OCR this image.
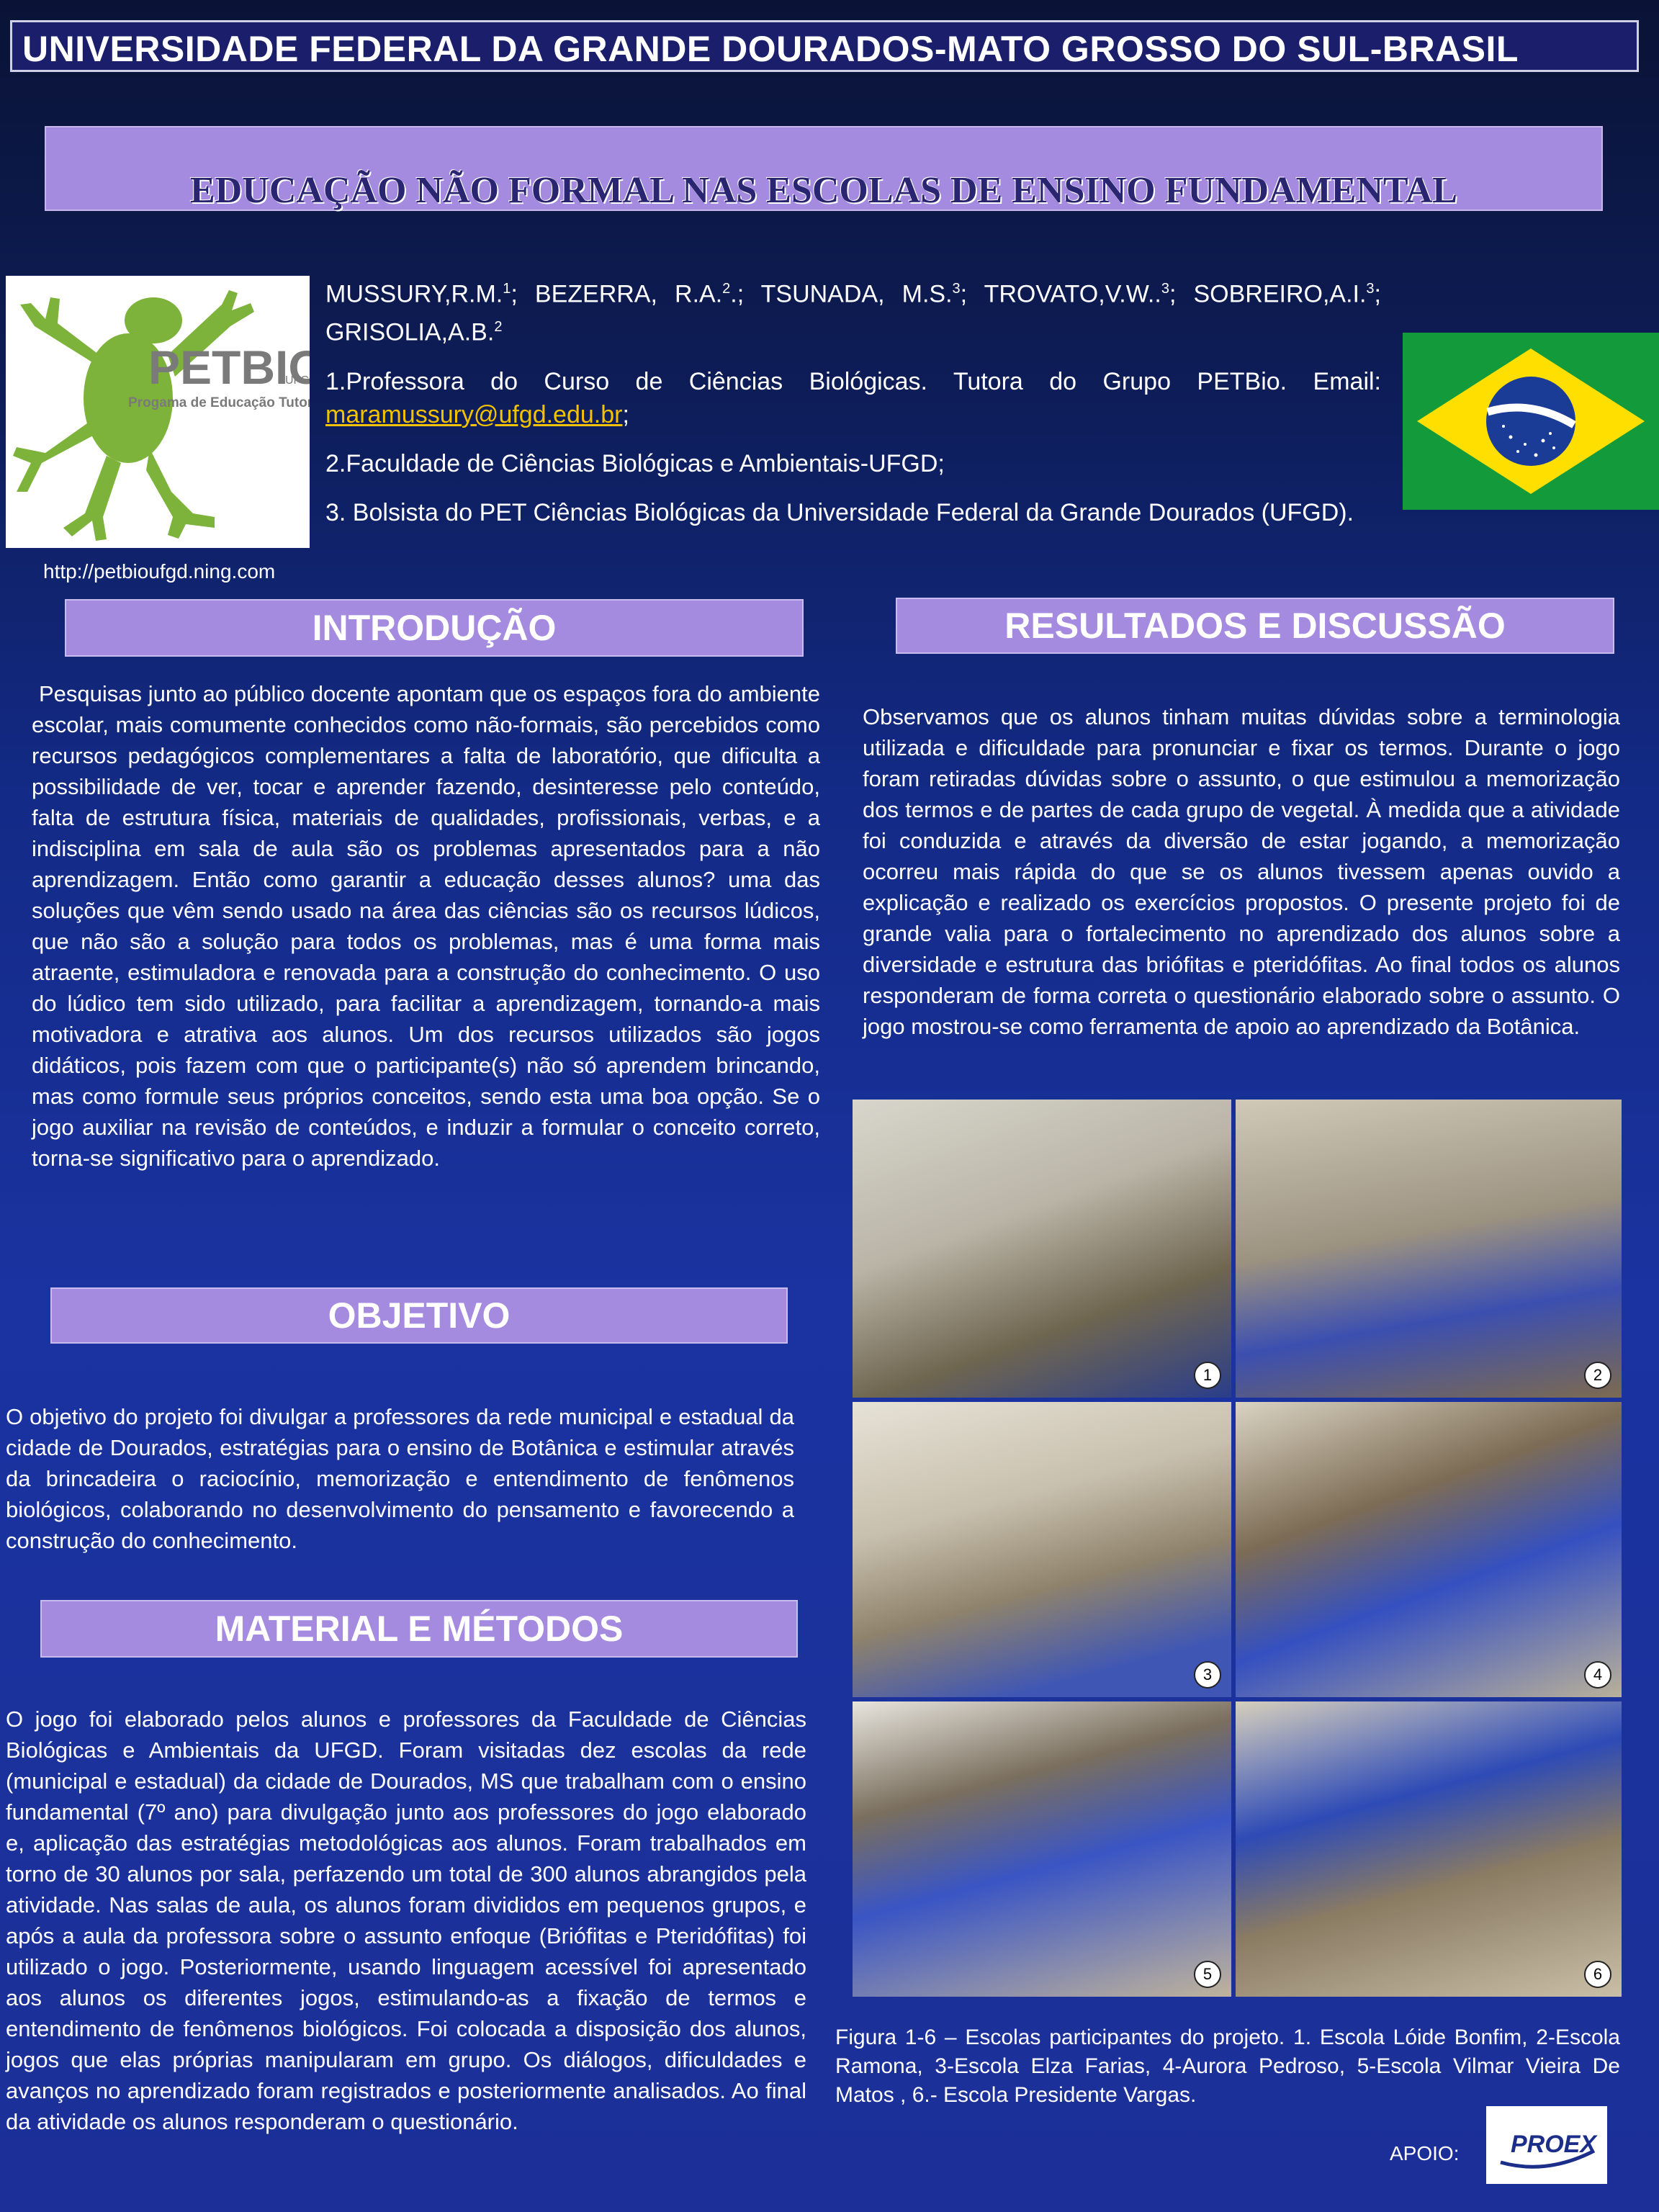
UNIVERSIDADE FEDERAL DA GRANDE DOURADOS-MATO GROSSO DO SUL-BRASIL
EDUCAÇÃO NÃO FORMAL NAS ESCOLAS DE ENSINO FUNDAMENTAL
PETBIO
UFG
Progama de Educação Tuto
http://petbioufgd.ning.com

MUSSURY,R.M.$^1$; BEZERRA, R.A.$^2$.; TSUNADA, M.S.$^3$; TROVATO,V.W..$^3$; SOBREIRO,A.I.$^3$; GRISOLIA,A.B.$^2$

1.Professora do Curso de Ciências Biológicas. Tutora do Grupo PETBio. Email: maramussury@ufgd.edu.br;

2.Faculdade de Ciências Biológicas e Ambientais-UFGD;

3. Bolsista do PET Ciências Biológicas da Universidade Federal da Grande Dourados (UFGD).

INTRODUÇÃO
Pesquisas junto ao público docente apontam que os espaços fora do ambiente escolar, mais comumente conhecidos como não-formais, são percebidos como recursos pedagógicos complementares a falta de laboratório, que dificulta a possibilidade de ver, tocar e aprender fazendo, desinteresse pelo conteúdo, falta de estrutura física, materiais de qualidades, profissionais, verbas, e a indisciplina em sala de aula são os problemas apresentados para a não aprendizagem. Então como garantir a educação desses alunos? uma das soluções que vêm sendo usado na área das ciências são os recursos lúdicos, que não são a solução para todos os problemas, mas é uma forma mais atraente, estimuladora e renovada para a construção do conhecimento. O uso do lúdico tem sido utilizado, para facilitar a aprendizagem, tornando-a mais motivadora e atrativa aos alunos. Um dos recursos utilizados são jogos didáticos, pois fazem com que o participante(s) não só aprendem brincando, mas como formule seus próprios conceitos, sendo esta uma boa opção. Se o jogo auxiliar na revisão de conteúdos, e induzir a formular o conceito correto, torna-se significativo para o aprendizado.
RESULTADOS E DISCUSSÃO
Observamos que os alunos tinham muitas dúvidas sobre a terminologia utilizada e dificuldade para pronunciar e fixar os termos. Durante o jogo foram retiradas dúvidas sobre o assunto, o que estimulou a memorização dos termos e de partes de cada grupo de vegetal. À medida que a atividade foi conduzida e através da diversão de estar jogando, a memorização ocorreu mais rápida do que se os alunos tivessem apenas ouvido a explicação e realizado os exercícios propostos. O presente projeto foi de grande valia para o fortalecimento no aprendizado dos alunos sobre a diversidade e estrutura das briófitas e pteridófitas. Ao final todos os alunos responderam de forma correta o questionário elaborado sobre o assunto. O jogo mostrou-se como ferramenta de apoio ao aprendizado da Botânica.
OBJETIVO
O objetivo do projeto foi divulgar a professores da rede municipal e estadual da cidade de Dourados, estratégias para o ensino de Botânica e estimular através da brincadeira o raciocínio, memorização e entendimento de fenômenos biológicos, colaborando no desenvolvimento do pensamento e favorecendo a construção do conhecimento.
MATERIAL E MÉTODOS
O jogo foi elaborado pelos alunos e professores da Faculdade de Ciências Biológicas e Ambientais da UFGD. Foram visitadas dez escolas da rede (municipal e estadual) da cidade de Dourados, MS que trabalham com o ensino fundamental (7º ano) para divulgação junto aos professores do jogo elaborado e, aplicação das estratégias metodológicas aos alunos. Foram trabalhados em torno de 30 alunos por sala, perfazendo um total de 300 alunos abrangidos pela atividade. Nas salas de aula, os alunos foram divididos em pequenos grupos, e após a aula da professora sobre o assunto enfoque (Briófitas e Pteridófitas) foi utilizado o jogo. Posteriormente, usando linguagem acessível foi apresentado aos alunos os diferentes jogos, estimulando-as a fixação de termos e entendimento de fenômenos biológicos. Foi colocada a disposição dos alunos, jogos que elas próprias manipularam em grupo. Os diálogos, dificuldades e avanços no aprendizado foram registrados e posteriormente analisados. Ao final da atividade os alunos responderam o questionário.
1	2
3	4
5	6
Figura 1-6 – Escolas participantes do projeto. 1. Escola Lóide Bonfim, 2-Escola Ramona, 3-Escola Elza Farias, 4-Aurora Pedroso, 5-Escola Vilmar Vieira De Matos , 6.- Escola Presidente Vargas.
APOIO: PROEX
